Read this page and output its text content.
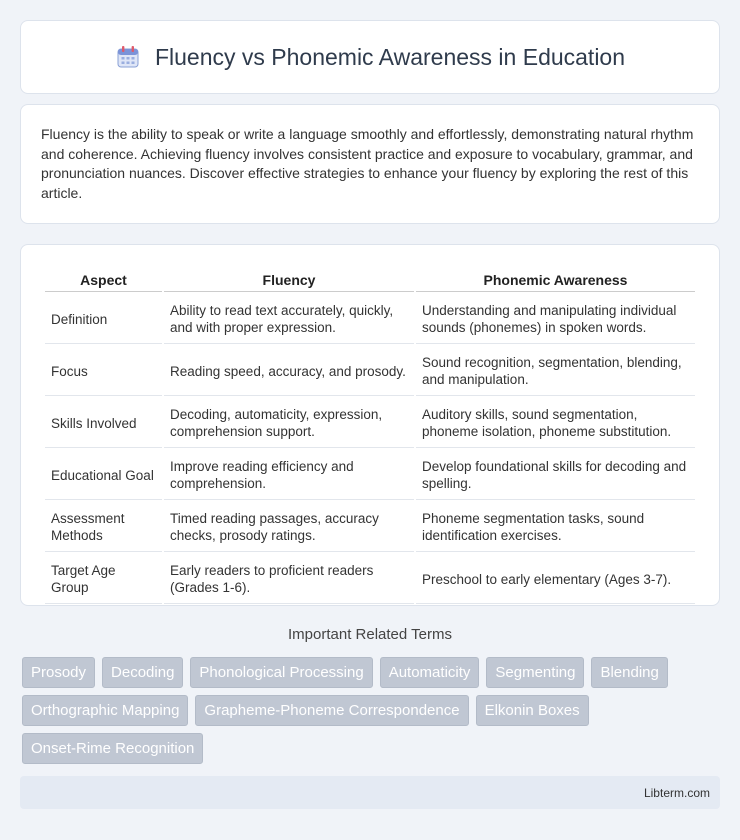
Fluency vs Phonemic Awareness in Education

Fluency is the ability to speak or write a language smoothly and effortlessly, demonstrating natural rhythm and coherence. Achieving fluency involves consistent practice and exposure to vocabulary, grammar, and pronunciation nuances. Discover effective strategies to enhance your fluency by exploring the rest of this article.

Aspect	Fluency	Phonemic Awareness
Definition	Ability to read text accurately, quickly, and with proper expression.	Understanding and manipulating individual sounds (phonemes) in spoken words.
Focus	Reading speed, accuracy, and prosody.	Sound recognition, segmentation, blending, and manipulation.
Skills Involved	Decoding, automaticity, expression, comprehension support.	Auditory skills, sound segmentation, phoneme isolation, phoneme substitution.
Educational Goal	Improve reading efficiency and comprehension.	Develop foundational skills for decoding and spelling.
Assessment Methods	Timed reading passages, accuracy checks, prosody ratings.	Phoneme segmentation tasks, sound identification exercises.
Target Age Group	Early readers to proficient readers (Grades 1-6).	Preschool to early elementary (Ages 3-7).
Important Related Terms
Prosody	Decoding	Phonological Processing	Automaticity	Segmenting	Blending
Orthographic Mapping	Grapheme-Phoneme Correspondence	Elkonin Boxes
Onset-Rime Recognition
Libterm.com
